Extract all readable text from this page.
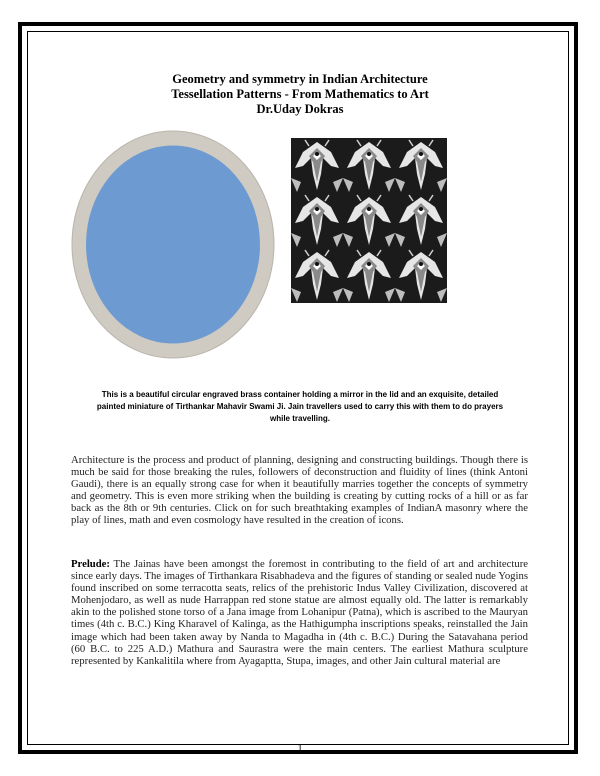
Geometry and symmetry in Indian Architecture
Tessellation Patterns - From Mathematics to Art
Dr.Uday Dokras
This is a beautiful circular engraved brass container holding a mirror in the lid and an exquisite, detailed painted miniature of Tirthankar Mahavir Swami Ji. Jain travellers used to carry this with them to do prayers while travelling.
Architecture is the process and product of planning, designing and constructing buildings. Though there is much be said for those breaking the rules, followers of deconstruction and fluidity of lines (think Antoni Gaudi), there is an equally strong case for when it beautifully marries together the concepts of symmetry and geometry. This is even more striking when the building is creating by cutting rocks of a hill or as far back as the 8th or 9th centuries. Click on for such breathtaking examples of IndianA masonry where the play of lines, math and even cosmology have resulted in the creation of icons.
Prelude: The Jainas have been amongst the foremost in contributing to the field of art and architecture since early days. The images of Tirthankara Risabhadeva and the figures of standing or sealed nude Yogins found inscribed on some terracotta seats, relics of the prehistoric Indus Valley Civilization, discovered at Mohenjodaro, as well as nude Harrappan red stone statue are almost equally old. The latter is remarkably akin to the polished stone torso of a Jana image from Lohanipur (Patna), which is ascribed to the Mauryan times (4th c. B.C.) King Kharavel of Kalinga, as the Hathigumpha inscriptions speaks, reinstalled the Jain image which had been taken away by Nanda to Magadha in (4th c. B.C.) During the Satavahana period (60 B.C. to 225 A.D.) Mathura and Saurastra were the main centers. The earliest Mathura sculpture represented by Kankalitila where from Ayagaptta, Stupa, images, and other Jain cultural material are
1
